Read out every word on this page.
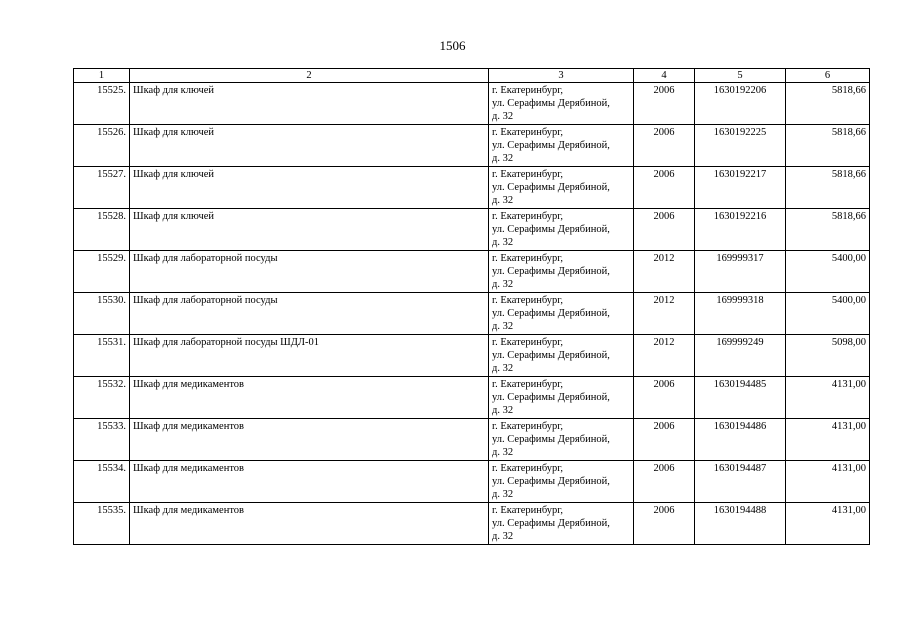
1506
1	2	3	4	5	6
15525.	Шкаф для ключей	г. Екатеринбург,
ул. Серафимы Дерябиной,
д. 32	2006	1630192206	5818,66
15526.	Шкаф для ключей	г. Екатеринбург,
ул. Серафимы Дерябиной,
д. 32	2006	1630192225	5818,66
15527.	Шкаф для ключей	г. Екатеринбург,
ул. Серафимы Дерябиной,
д. 32	2006	1630192217	5818,66
15528.	Шкаф для ключей	г. Екатеринбург,
ул. Серафимы Дерябиной,
д. 32	2006	1630192216	5818,66
15529.	Шкаф для лабораторной посуды	г. Екатеринбург,
ул. Серафимы Дерябиной,
д. 32	2012	169999317	5400,00
15530.	Шкаф для лабораторной посуды	г. Екатеринбург,
ул. Серафимы Дерябиной,
д. 32	2012	169999318	5400,00
15531.	Шкаф для лабораторной посуды ШДЛ-01	г. Екатеринбург,
ул. Серафимы Дерябиной,
д. 32	2012	169999249	5098,00
15532.	Шкаф для медикаментов	г. Екатеринбург,
ул. Серафимы Дерябиной,
д. 32	2006	1630194485	4131,00
15533.	Шкаф для медикаментов	г. Екатеринбург,
ул. Серафимы Дерябиной,
д. 32	2006	1630194486	4131,00
15534.	Шкаф для медикаментов	г. Екатеринбург,
ул. Серафимы Дерябиной,
д. 32	2006	1630194487	4131,00
15535.	Шкаф для медикаментов	г. Екатеринбург,
ул. Серафимы Дерябиной,
д. 32	2006	1630194488	4131,00
